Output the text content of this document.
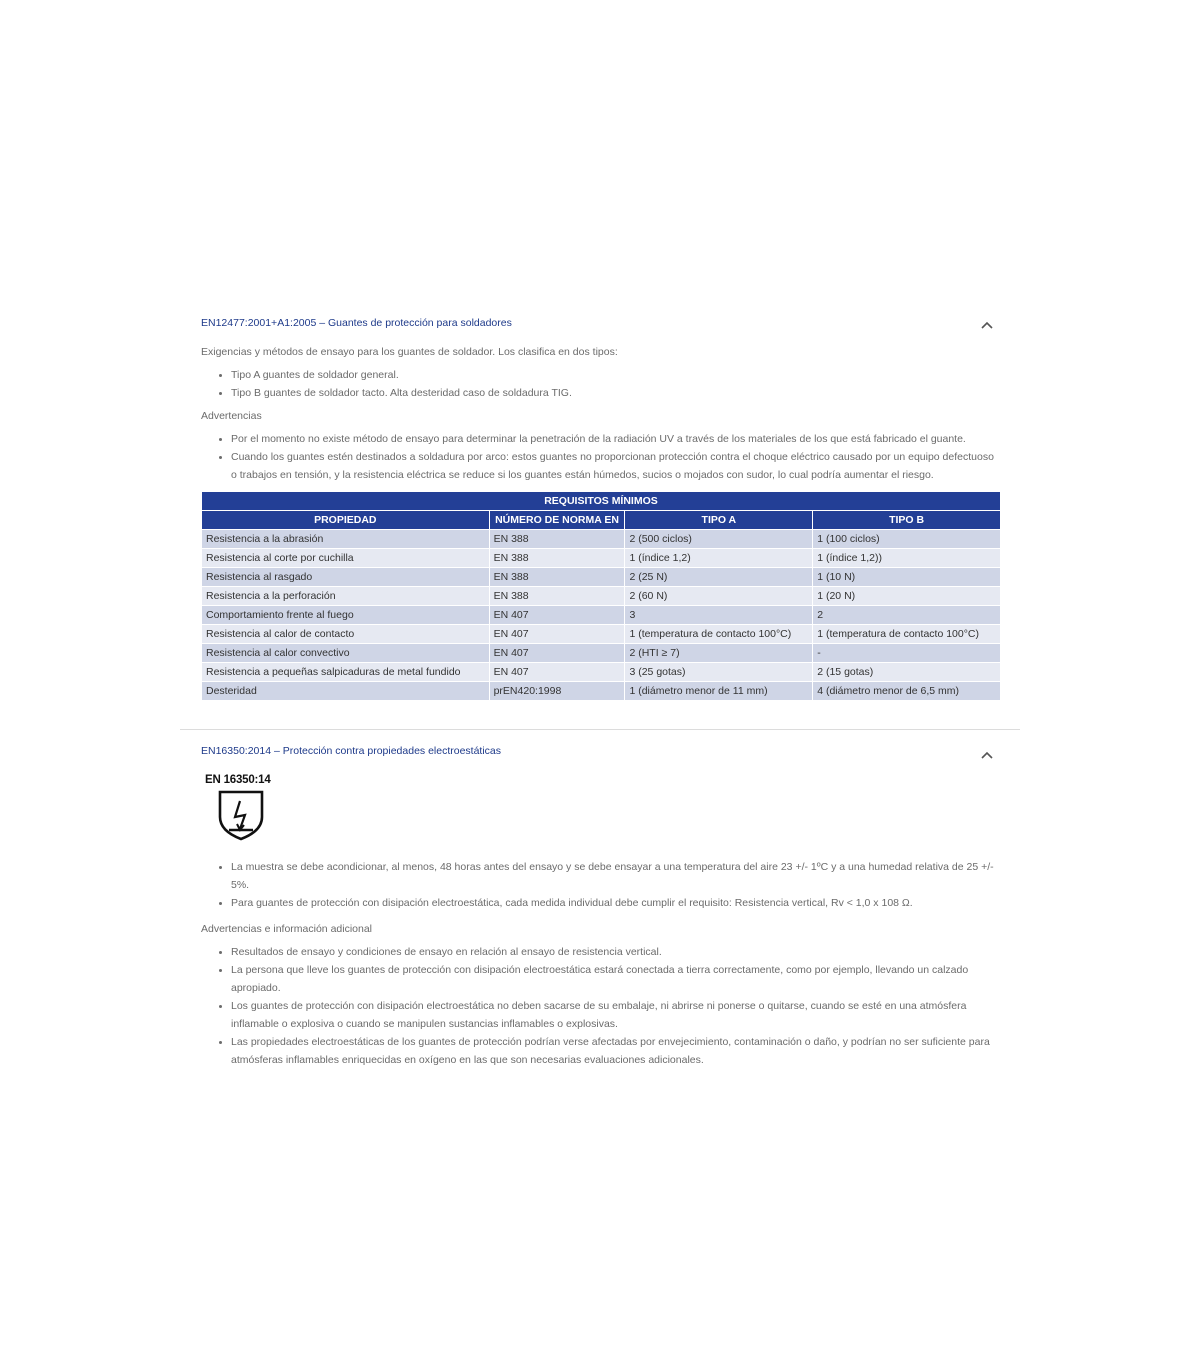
EN12477:2001+A1:2005 – Guantes de protección para soldadores

Exigencias y métodos de ensayo para los guantes de soldador. Los clasifica en dos tipos:

Tipo A guantes de soldador general.
Tipo B guantes de soldador tacto. Alta desteridad caso de soldadura TIG.

Advertencias

Por el momento no existe método de ensayo para determinar la penetración de la radiación UV a través de los materiales de los que está fabricado el guante.
Cuando los guantes estén destinados a soldadura por arco: estos guantes no proporcionan protección contra el choque eléctrico causado por un equipo defectuoso o trabajos en tensión, y la resistencia eléctrica se reduce si los guantes están húmedos, sucios o mojados con sudor, lo cual podría aumentar el riesgo.
REQUISITOS MÍNIMOS			
PROPIEDAD	NÚMERO DE NORMA EN	TIPO A	TIPO B
Resistencia a la abrasión	EN 388	2 (500 ciclos)	1 (100 ciclos)
Resistencia al corte por cuchilla	EN 388	1 (índice 1,2)	1 (índice 1,2))
Resistencia al rasgado	EN 388	2 (25 N)	1 (10 N)
Resistencia a la perforación	EN 388	2 (60 N)	1 (20 N)
Comportamiento frente al fuego	EN 407	3	2
Resistencia al calor de contacto	EN 407	1 (temperatura de contacto 100°C)	1 (temperatura de contacto 100°C)
Resistencia al calor convectivo	EN 407	2 (HTI ≥ 7)	-
Resistencia a pequeñas salpicaduras de metal fundido	EN 407	3 (25 gotas)	2 (15 gotas)
Desteridad	prEN420:1998	1 (diámetro menor de 11 mm)	4 (diámetro menor de 6,5 mm)
EN16350:2014 – Protección contra propiedades electroestáticas
EN 16350:14
La muestra se debe acondicionar, al menos, 48 horas antes del ensayo y se debe ensayar a una temperatura del aire 23 +/- 1ºC y a una humedad relativa de 25 +/- 5%.
Para guantes de protección con disipación electroestática, cada medida individual debe cumplir el requisito: Resistencia vertical, Rv < 1,0 x 108 Ω.

Advertencias e información adicional

Resultados de ensayo y condiciones de ensayo en relación al ensayo de resistencia vertical.
La persona que lleve los guantes de protección con disipación electroestática estará conectada a tierra correctamente, como por ejemplo, llevando un calzado apropiado.
Los guantes de protección con disipación electroestática no deben sacarse de su embalaje, ni abrirse ni ponerse o quitarse, cuando se esté en una atmósfera inflamable o explosiva o cuando se manipulen sustancias inflamables o explosivas.
Las propiedades electroestáticas de los guantes de protección podrían verse afectadas por envejecimiento, contaminación o daño, y podrían no ser suficiente para atmósferas inflamables enriquecidas en oxígeno en las que son necesarias evaluaciones adicionales.
